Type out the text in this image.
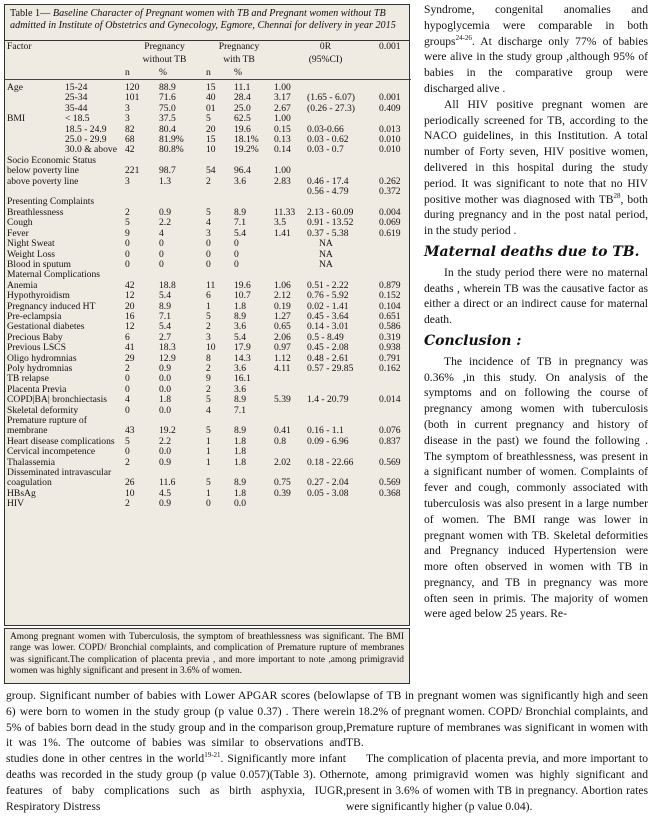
Table 1— Baseline Character of Pregnant women with TB and Pregnant women without TB admitted in Institute of Obstetrics and Gynecology, Egmore, Chennai for delivery in year 2015
Factor		Pregnancy		Pregnancy		0R		0.001
		without TB		with TB		(95%CI)		
		n	%	n	%			
Age	15-24	120	88.9	15	11.1	1.00		
	25-34	101	71.6	40	28.4	3.17	(1.65 - 6.07)	0.001
	35-44	3	75.0	01	25.0	2.67	(0.26 - 27.3)	0.409
BMI	< 18.5	3	37.5	5	62.5	1.00		
	18.5 - 24.9	82	80.4	20	19.6	0.15	0.03-0.66	0.013
	25.0 - 29.9	68	81.9%	15	18.1%	0.13	0.03 - 0.62	0.010
	30.0 & above	42	80.8%	10	19.2%	0.14	0.03 - 0.7	0.010
Socio Economic Status								
below poverty line		221	98.7	54	96.4	1.00		
above poverty line		3	1.3	2	3.6	2.83	0.46 - 17.4	0.262
							0.56 - 4.79	0.372
Presenting Complaints								
Breathlessness		2	0.9	5	8.9	11.33	2.13 - 60.09	0.004
Cough		5	2.2	4	7.1	3.5	0.91 - 13.52	0.069
Fever		9	4	3	5.4	1.41	0.37 - 5.38	0.619
Night Sweat		0	0	0	0		NA	
Weight Loss		0	0	0	0		NA	
Blood in sputum		0	0	0	0		NA	
Maternal Complications								
Anemia		42	18.8	11	19.6	1.06	0.51 - 2.22	0.879
Hypothyroidism		12	5.4	6	10.7	2.12	0.76 - 5.92	0.152
Pregnancy induced HT		20	8.9	1	1.8	0.19	0.02 - 1.41	0.104
Pre-eclampsia		16	7.1	5	8.9	1.27	0.45 - 3.64	0.651
Gestational diabetes		12	5.4	2	3.6	0.65	0.14 - 3.01	0.586
Precious Baby		6	2.7	3	5.4	2.06	0.5 - 8.49	0.319
Previous LSCS		41	18.3	10	17.9	0.97	0.45 - 2.08	0.938
Oligo hydromnias		29	12.9	8	14.3	1.12	0.48 - 2.61	0.791
Poly hydromnias		2	0.9	2	3.6	4.11	0.57 - 29.85	0.162
TB relapse		0	0.0	9	16.1			
Placenta Previa		0	0.0	2	3.6			
COPD|BA| bronchiectasis		4	1.8	5	8.9	5.39	1.4 - 20.79	0.014
Skeletal deformity		0	0.0	4	7.1			
Premature rupture of								
membrane		43	19.2	5	8.9	0.41	0.16 - 1.1	0.076
Heart disease complications		5	2.2	1	1.8	0.8	0.09 - 6.96	0.837
Cervical incompetence		0	0.0	1	1.8			
Thalassemia		2	0.9	1	1.8	2.02	0.18 - 22.66	0.569
Disseminated intravascular								
coagulation		26	11.6	5	8.9	0.75	0.27 - 2.04	0.569
HBsAg		10	4.5	1	1.8	0.39	0.05 - 3.08	0.368
HIV		2	0.9	0	0.0			

Among pregnant women with Tuberculosis, the symptom of breathlessness was significant. The BMI range was lower. COPD/ Bronchial complaints, and complication of Premature rupture of membranes was significant.The complication of placenta previa , and more important to note ,among primigravid women was highly significant and present in 3.6% of women.

group. Significant number of babies with Lower APGAR scores (below 6) were born to women in the study group (p value 0.37) . There were 5% of babies born dead in the study group and in the comparison group, it was 1%. The outcome of babies was similar to observations and studies done in other centres in the world$^{19-21}$. Significantly more infant deaths was recorded in the study group (p value 0.057)(Table 3). Other features of baby complications such as birth asphyxia, IUGR, Respiratory Distress

Syndrome, congenital anomalies and hypoglycemia were comparable in both groups$^{24-26}$. At discharge only 77% of babies were alive in the study group ,although 95% of babies in the comparative group were discharged alive .

All HIV positive pregnant women are periodically screened for TB, according to the NACO guidelines, in this Institution. A total number of Forty seven, HIV positive women, delivered in this hospital during the study period. It was significant to note that no HIV positive mother was diagnosed with TB$^{28}$, both during pregnancy and in the post natal period, in the study period .

Maternal deaths due to TB.

In the study period there were no maternal deaths , wherein TB was the causative factor as either a direct or an indirect cause for maternal death.

Conclusion :

The incidence of TB in pregnancy was 0.36% ,in this study. On analysis of the symptoms and on following the course of pregnancy among women with tuberculosis (both in current pregnancy and history of disease in the past) we found the following . The symptom of breathlessness, was present in a significant number of women. Complaints of fever and cough, commonly associated with tuberculosis was also present in a large number of women. The BMI range was lower in pregnant women with TB. Skeletal deformities and Pregnancy induced Hypertension were more often observed in women with TB in pregnancy, and TB in pregnancy was more often seen in primis. The majority of women were aged below 25 years. Re-

lapse of TB in pregnant women was significantly high and seen in 18.2% of pregnant women. COPD/ Bronchial complaints, and Premature rupture of membranes was significant in women with TB.

The complication of placenta previa, and more important to note, among primigravid women was highly significant and present in 3.6% of women with TB in pregnancy. Abortion rates were significantly higher (p value 0.04).
